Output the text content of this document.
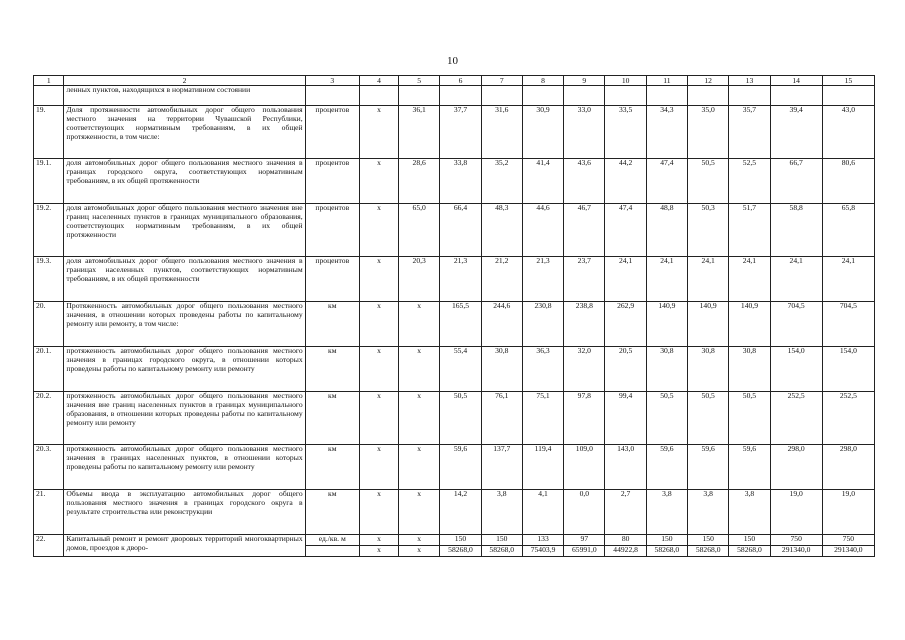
10
1	2	3	4	5	6	7	8	9	10	11	12	13	14	15
	ленных пунктов, находящихся в нормативном состоянии													
19.	Доля протяженности автомобильных дорог общего пользования местного значения на территории Чувашской Республики, соответствующих нормативным требованиям, в их общей протяженности, в том числе:	процентов	x	36,1	37,7	31,6	30,9	33,0	33,5	34,3	35,0	35,7	39,4	43,0
19.1.	доля автомобильных дорог общего пользования местного значения в границах городского округа, соответствующих нормативным требованиям, в их общей протяженности	процентов	x	28,6	33,8	35,2	41,4	43,6	44,2	47,4	50,5	52,5	66,7	80,6
19.2.	доля автомобильных дорог общего пользования местного значения вне границ населенных пунктов в границах муниципального образования, соответствующих нормативным требованиям, в их общей протяженности	процентов	x	65,0	66,4	48,3	44,6	46,7	47,4	48,8	50,3	51,7	58,8	65,8
19.3.	доля автомобильных дорог общего пользования местного значения в границах населенных пунктов, соответствующих нормативным требованиям, в их общей протяженности	процентов	x	20,3	21,3	21,2	21,3	23,7	24,1	24,1	24,1	24,1	24,1	24,1
20.	Протяженность автомобильных дорог общего пользования местного значения, в отношении которых проведены работы по капитальному ремонту или ремонту, в том числе:	км	x	x	165,5	244,6	230,8	238,8	262,9	140,9	140,9	140,9	704,5	704,5
20.1.	протяженность автомобильных дорог общего пользования местного значения в границах городского округа, в отношении которых проведены работы по капитальному ремонту или ремонту	км	x	x	55,4	30,8	36,3	32,0	20,5	30,8	30,8	30,8	154,0	154,0
20.2.	протяженность автомобильных дорог общего пользования местного значения вне границ населенных пунктов в границах муниципального образования, в отношении которых проведены работы по капитальному ремонту или ремонту	км	x	x	50,5	76,1	75,1	97,8	99,4	50,5	50,5	50,5	252,5	252,5
20.3.	протяженность автомобильных дорог общего пользования местного значения в границах населенных пунктов, в отношении которых проведены работы по капитальному ремонту или ремонту	км	x	x	59,6	137,7	119,4	109,0	143,0	59,6	59,6	59,6	298,0	298,0
21.	Объемы ввода в эксплуатацию автомобильных дорог общего пользования местного значения в границах городского округа в результате строительства или реконструкции	км	x	x	14,2	3,8	4,1	0,0	2,7	3,8	3,8	3,8	19,0	19,0
22.	Капитальный ремонт и ремонт дворовых территорий многоквартирных домов, проездов к дворо-	ед./кв. м	x	x	150	150	133	97	80	150	150	150	750	750
			x	x	58268,0	58268,0	75403,9	65991,0	44922,8	58268,0	58268,0	58268,0	291340,0	291340,0
